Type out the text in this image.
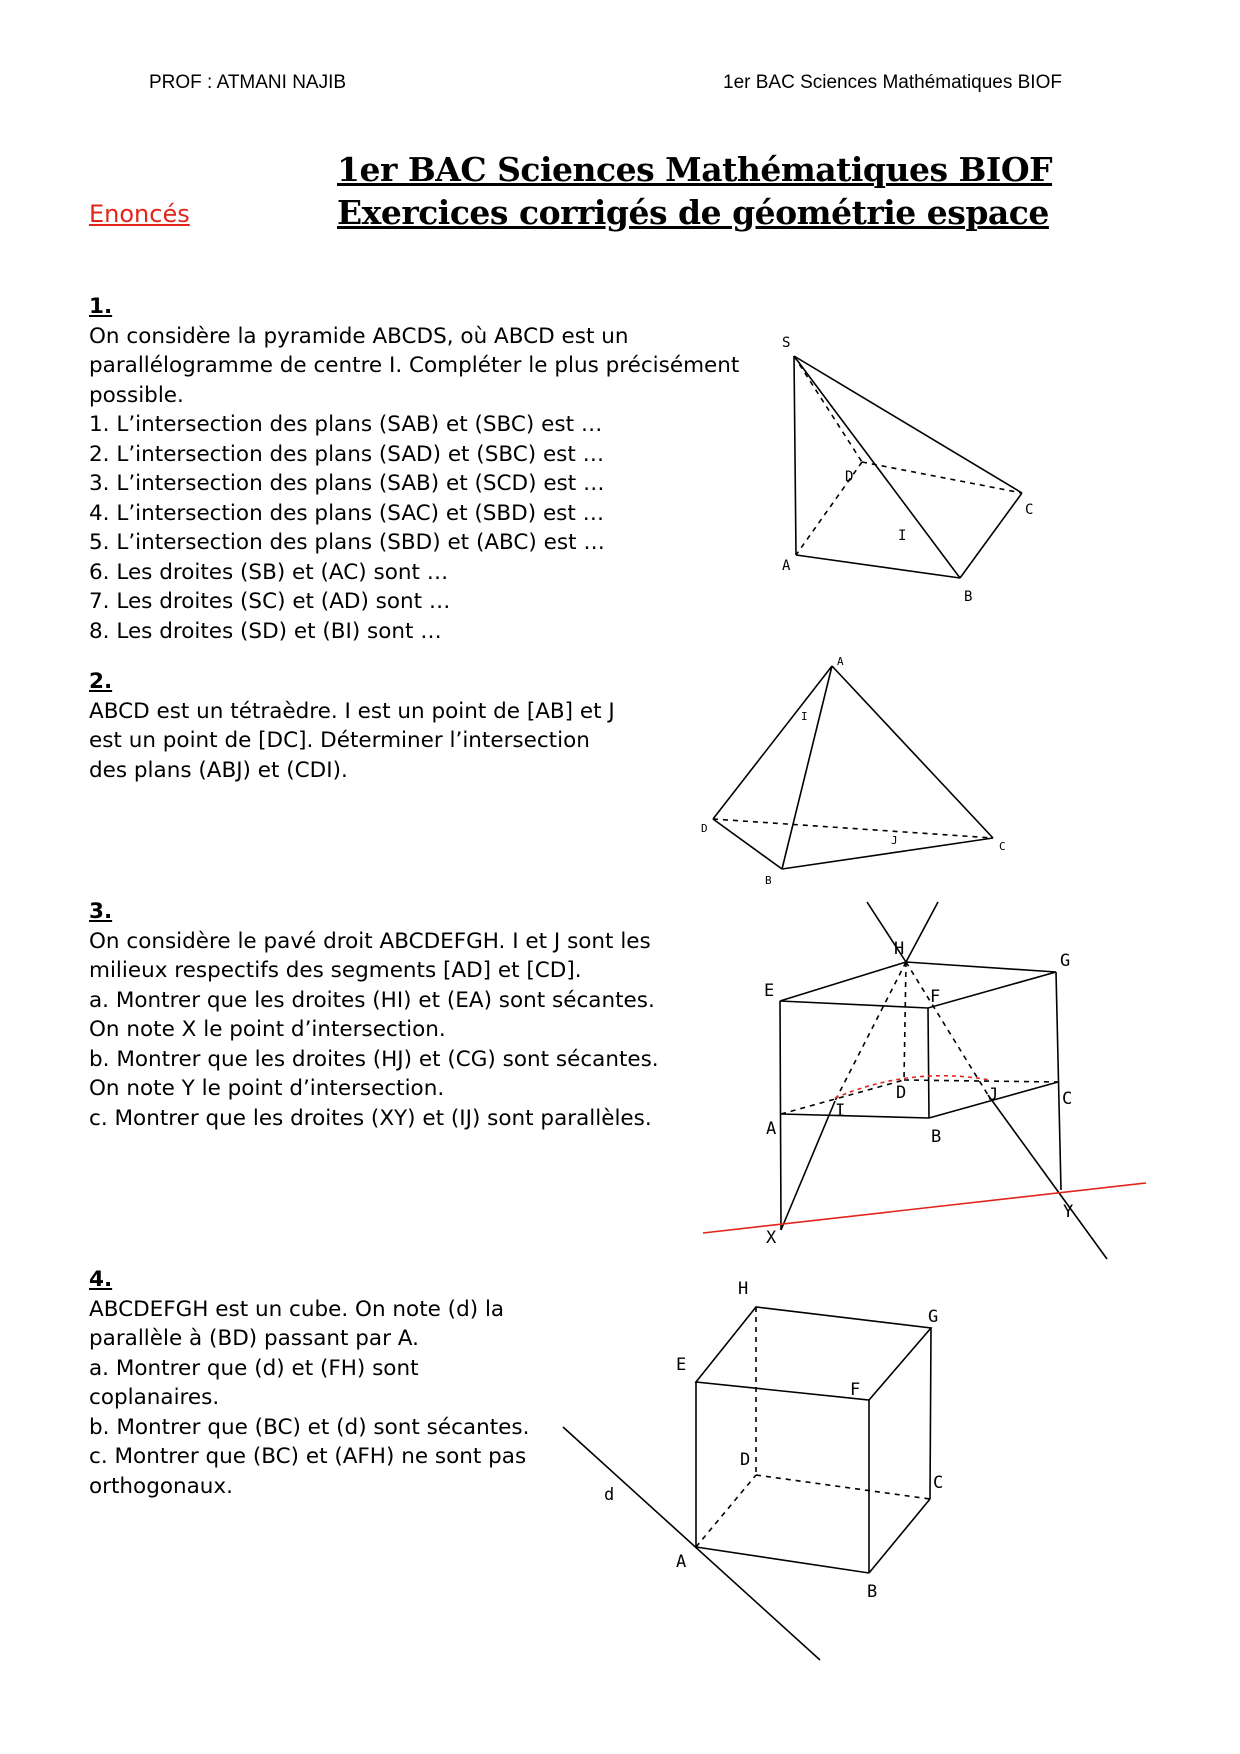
PROF : ATMANI NAJIB	1er BAC Sciences Mathématiques BIOF
1er BAC Sciences Mathématiques BIOF
Exercices corrigés de géométrie espace
Enoncés
1.
On considère la pyramide ABCDS, où ABCD est un
parallélogramme de centre I. Compléter le plus précisément
possible.
1. L’intersection des plans (SAB) et (SBC) est …
2. L’intersection des plans (SAD) et (SBC) est …
3. L’intersection des plans (SAB) et (SCD) est …
4. L’intersection des plans (SAC) et (SBD) est …
5. L’intersection des plans (SBD) et (ABC) est …
6. Les droites (SB) et (AC) sont …
7. Les droites (SC) et (AD) sont …
8. Les droites (SD) et (BI) sont …
2.
ABCD est un tétraèdre. I est un point de [AB] et J
est un point de [DC]. Déterminer l’intersection
des plans (ABJ) et (CDI).
3.
On considère le pavé droit ABCDEFGH. I et J sont les
milieux respectifs des segments [AD] et [CD].
a. Montrer que les droites (HI) et (EA) sont sécantes.
On note X le point d’intersection.
b. Montrer que les droites (HJ) et (CG) sont sécantes.
On note Y le point d’intersection.
c. Montrer que les droites (XY) et (IJ) sont parallèles.
4.
ABCDEFGH est un cube. On note (d) la
parallèle à (BD) passant par A.
a. Montrer que (d) et (FH) sont
coplanaires.
b. Montrer que (BC) et (d) sont sécantes.
c. Montrer que (BC) et (AFH) ne sont pas
orthogonaux.
S
D
C
I
A
B
A
I
D
J	C
B
H
G
E	F
D	J
I
C
A	B
Y
X
H
G
E
F
D
C
d
A
B
